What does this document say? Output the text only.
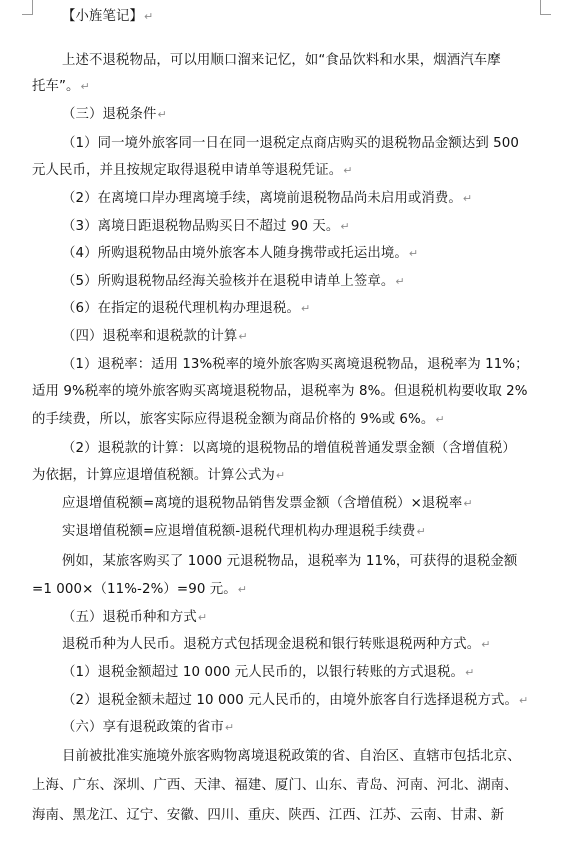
【小旌笔记】↵
上述不退税物品，可以用顺口溜来记忆，如“食品饮料和水果，烟酒汽车摩
托车”。↵
（三）退税条件↵
（1）同一境外旅客同一日在同一退税定点商店购买的退税物品金额达到 500
元人民币，并且按规定取得退税申请单等退税凭证。↵
（2）在离境口岸办理离境手续，离境前退税物品尚未启用或消费。↵
（3）离境日距退税物品购买日不超过 90 天。↵
（4）所购退税物品由境外旅客本人随身携带或托运出境。↵
（5）所购退税物品经海关验核并在退税申请单上签章。↵
（6）在指定的退税代理机构办理退税。↵
（四）退税率和退税款的计算↵
（1）退税率：适用 13%税率的境外旅客购买离境退税物品，退税率为 11%；
适用 9%税率的境外旅客购买离境退税物品，退税率为 8%。但退税机构要收取 2%
的手续费，所以，旅客实际应得退税金额为商品价格的 9%或 6%。↵
（2）退税款的计算：以离境的退税物品的增值税普通发票金额（含增值税）
为依据，计算应退增值税额。计算公式为↵
应退增值税额=离境的退税物品销售发票金额（含增值税）×退税率↵
实退增值税额=应退增值税额-退税代理机构办理退税手续费↵
例如，某旅客购买了 1000 元退税物品，退税率为 11%，可获得的退税金额
=1 000×（11%-2%）=90 元。↵
（五）退税币种和方式↵
退税币种为人民币。退税方式包括现金退税和银行转账退税两种方式。↵
（1）退税金额超过 10 000 元人民币的，以银行转账的方式退税。↵
（2）退税金额未超过 10 000 元人民币的，由境外旅客自行选择退税方式。↵
（六）享有退税政策的省市↵
目前被批准实施境外旅客购物离境退税政策的省、自治区、直辖市包括北京、
上海、广东、深圳、广西、天津、福建、厦门、山东、青岛、河南、河北、湖南、
海南、黑龙江、辽宁、安徽、四川、重庆、陕西、江西、江苏、云南、甘肃、新
